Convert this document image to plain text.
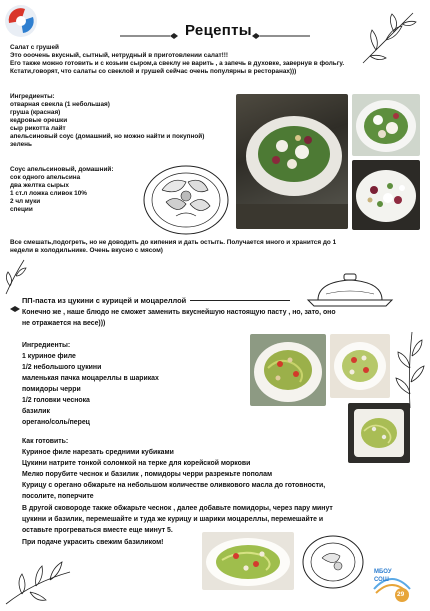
Рецепты
Салат с грушей
Это ооочень вкусный, сытный, нетрудный в приготовлении салат!!!
Его также можно готовить и с козьим сыром,а свеклу не варить , а запечь в духовке, завернув в фольгу.
Кстати,говорят, что салаты со свеклой и грушей сейчас очень популярны в ресторанах)))
Ингредиенты:
отварная свекла (1 небольшая)
груша (красная)
кедровые орешки
сыр рикотта лайт
апельсиновый соус (домашний, но можно найти и покупной)
зелень
Соус апельсиновый, домашний:
сок одного апельсина
два желтка сырых
1 ст.л ложка сливок 10%
2 чл муки
специи
Все смешать,подогреть, но не доводить до кипения и дать остыть. Получается много и хранится до 1
недели в холодильнике. Очень вкусно с мясом)
ПП-паста из цукини с курицей и моцареллой
Конечно же , наше блюдо не сможет заменить вкуснейшую настоящую пасту , но, зато, оно
не отражается на весе)))
Ингредиенты:
1 куриное филе
1/2 небольшого цукини
маленькая пачка моцареллы в шариках
помидоры черри
1/2 головки чеснока
базилик
орегано/соль/перец
Как готовить:
Куриное филе нарезать средними кубиками
Цукини натрите тонкой соломкой на терке для корейской моркови
Мелко порубите чеснок и базилик , помидоры черри разрежьте пополам
Курицу с орегано обжарьте на небольшом количестве оливкового масла до готовности,
посолите, поперчите
В другой сковороде также обжарьте чеснок , далее добавьте помидоры, через пару минут
цукини и базилик, перемешайте и туда же курицу и шарики моцареллы, перемешайте и
оставьте прогреваться вместе еще минут 5.
При подаче украсить свежим базиликом!
МБОУ
СОШ
29
